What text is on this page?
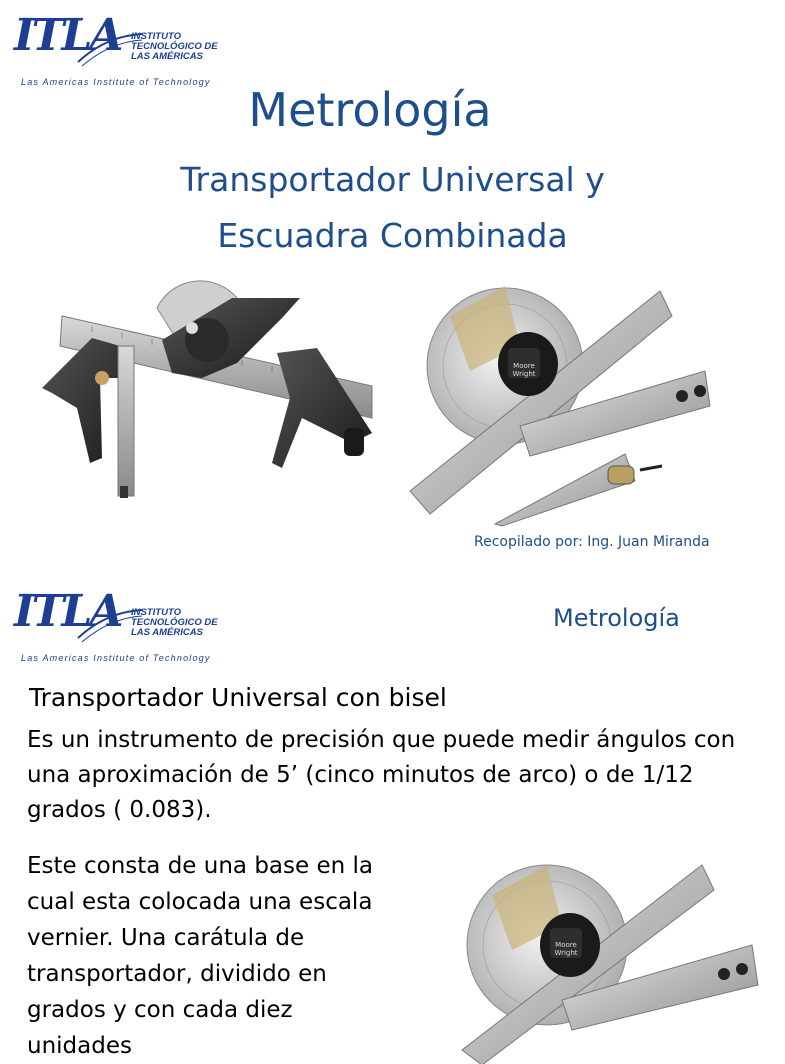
ITLA INSTITUTO
TECNOLÓGICO DE
LAS AMÉRICAS
Las Americas Institute of Technology
Metrología
Transportador Universal y
Escuadra Combinada
Moore
Wright
Recopilado por: Ing. Juan Miranda
ITLA INSTITUTO
TECNOLÓGICO DE
LAS AMÉRICAS
Las Americas Institute of Technology
Metrología
Transportador Universal con bisel
Es un instrumento de precisión que puede medir ángulos con una aproximación de 5’ (cinco minutos de arco) o de 1/12 grados ( 0.083).
Este consta de una base en la cual esta colocada una escala vernier. Una carátula de transportador, dividido en grados y con cada diez unidades
Moore
Wright
